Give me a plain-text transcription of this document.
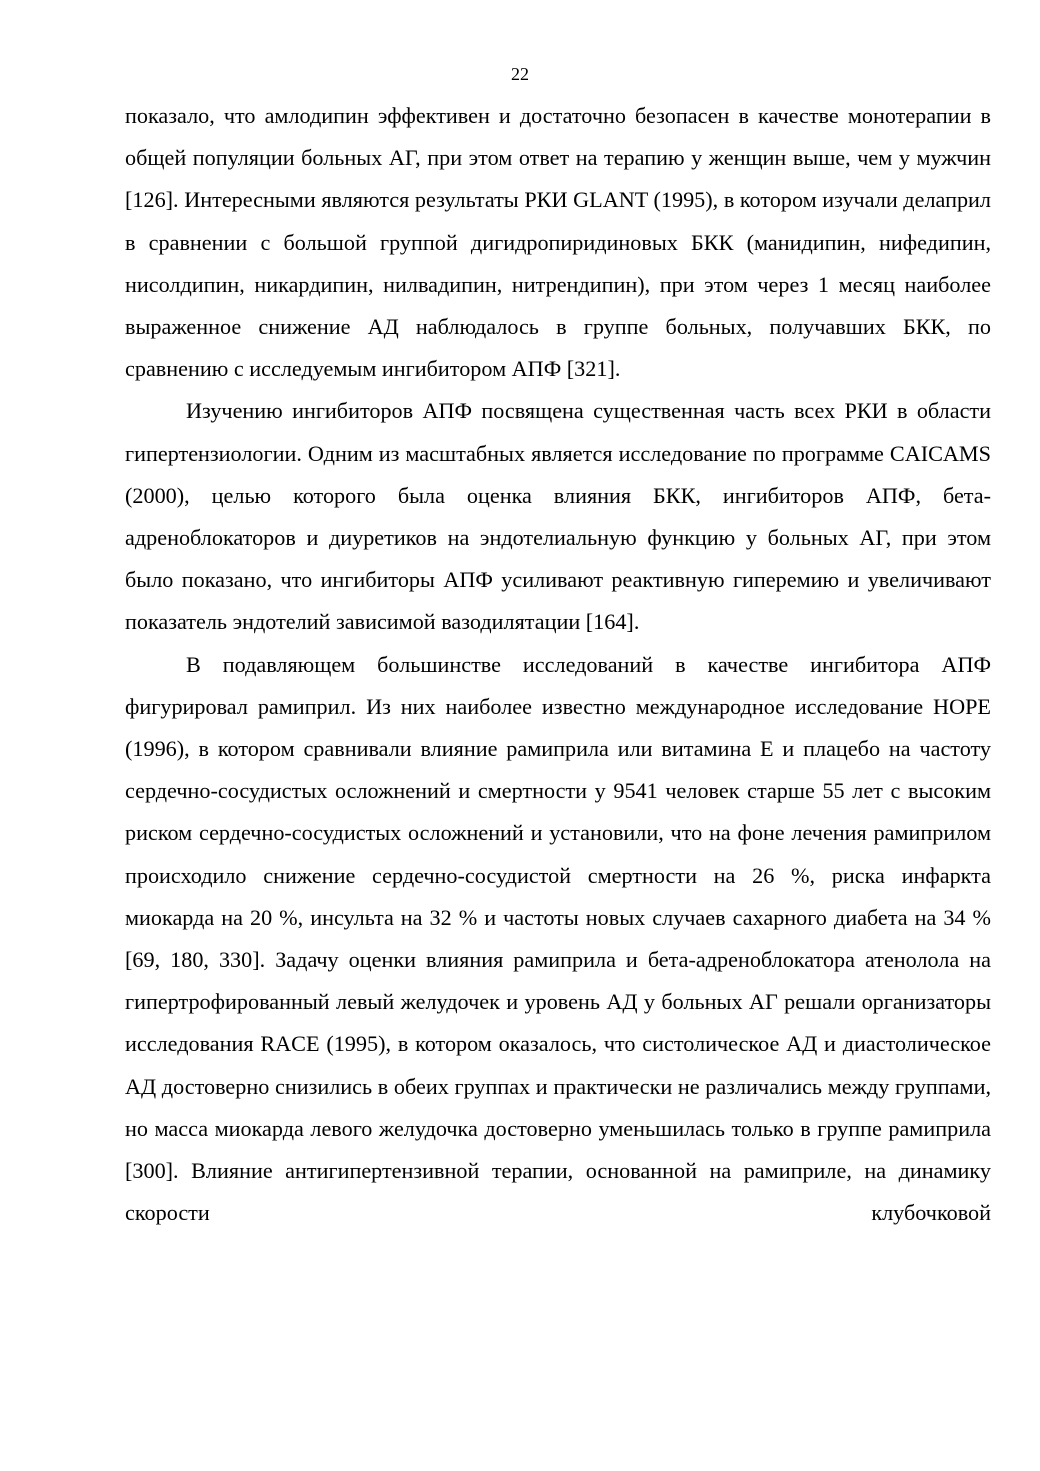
22

показало, что амлодипин эффективен и достаточно безопасен в качестве монотерапии в общей популяции больных АГ, при этом ответ на терапию у женщин выше, чем у мужчин [126]. Интересными являются результаты РКИ GLANT (1995), в котором изучали делаприл в сравнении с большой группой дигидропиридиновых БКК (манидипин, нифедипин, нисолдипин, никардипин, нилвадипин, нитрендипин), при этом через 1 месяц наиболее выраженное снижение АД наблюдалось в группе больных, получавших БКК, по сравнению с исследуемым ингибитором АПФ [321].

Изучению ингибиторов АПФ посвящена существенная часть всех РКИ в области гипертензиологии. Одним из масштабных является исследование по программе CAICAMS (2000), целью которого была оценка влияния БКК, ингибиторов АПФ, бета-адреноблокаторов и диуретиков на эндотелиальную функцию у больных АГ, при этом было показано, что ингибиторы АПФ усиливают реактивную гиперемию и увеличивают показатель эндотелий зависимой вазодилятации [164].

В подавляющем большинстве исследований в качестве ингибитора АПФ фигурировал рамиприл. Из них наиболее известно международное исследование HOPE (1996), в котором сравнивали влияние рамиприла или витамина Е и плацебо на частоту сердечно-сосудистых осложнений и смертности у 9541 человек старше 55 лет с высоким риском сердечно-сосудистых осложнений и установили, что на фоне лечения рамиприлом происходило снижение сердечно-сосудистой смертности на 26 %, риска инфаркта миокарда на 20 %, инсульта на 32 % и частоты новых случаев сахарного диабета на 34 % [69, 180, 330]. Задачу оценки влияния рамиприла и бета-адреноблокатора атенолола на гипертрофированный левый желудочек и уровень АД у больных АГ решали организаторы исследования RACE (1995), в котором оказалось, что систолическое АД и диастолическое АД достоверно снизились в обеих группах и практически не различались между группами, но масса миокарда левого желудочка достоверно уменьшилась только в группе рамиприла [300]. Влияние антигипертензивной терапии, основанной на рамиприле, на динамику скорости клубочковой
